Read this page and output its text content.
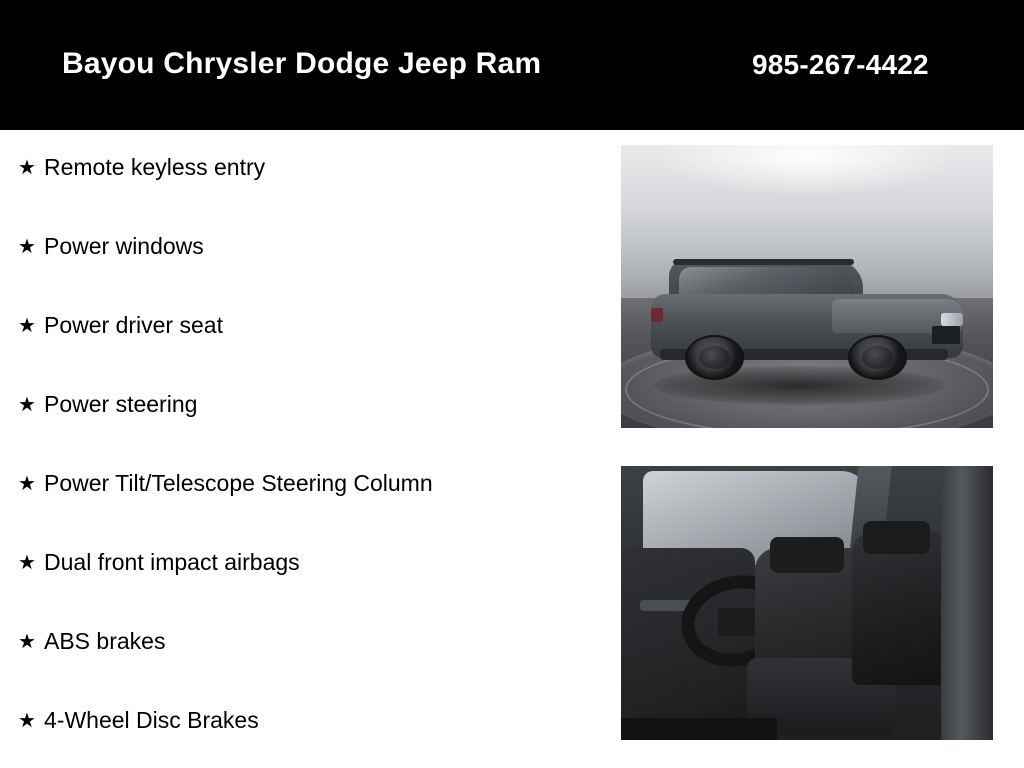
Bayou Chrysler Dodge Jeep Ram	985-267-4422
★ Remote keyless entry
★ Power windows
★ Power driver seat
★ Power steering
★ Power Tilt/Telescope Steering Column
★ Dual front impact airbags
★ ABS brakes
★ 4-Wheel Disc Brakes
